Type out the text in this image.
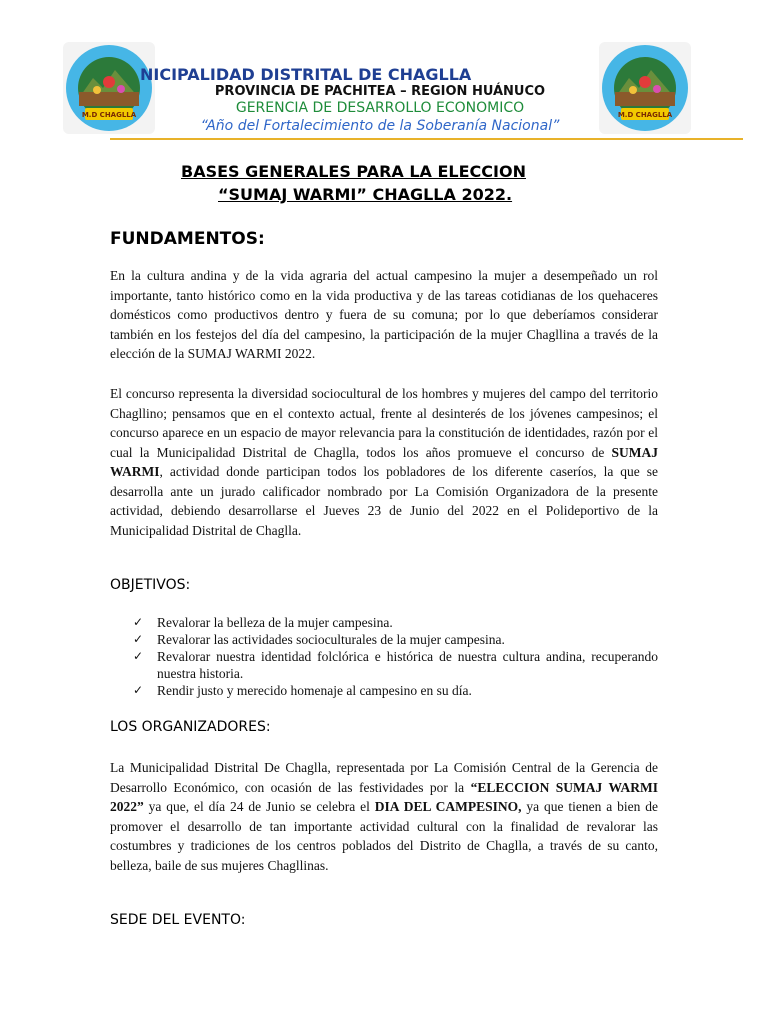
M.D CHAGLLA	M.D CHAGLLA
NICIPALIDAD DISTRITAL DE CHAGLLA
PROVINCIA DE PACHITEA – REGION HUÁNUCO
GERENCIA DE DESARROLLO ECONOMICO
“Año del Fortalecimiento de la Soberanía Nacional”
BASES GENERALES PARA LA ELECCION
“SUMAJ WARMI” CHAGLLA 2022.
FUNDAMENTOS:

En la cultura andina y de la vida agraria del actual campesino la mujer a desempeñado un rol importante, tanto histórico como en la vida productiva y de las tareas cotidianas de los quehaceres domésticos como productivos dentro y fuera de su comuna; por lo que deberíamos considerar también en los festejos del día del campesino, la participación de la mujer Chagllina a través de la elección de la SUMAJ WARMI 2022.

El concurso representa la diversidad sociocultural de los hombres y mujeres del campo del territorio Chagllino; pensamos que en el contexto actual, frente al desinterés de los jóvenes campesinos; el concurso aparece en un espacio de mayor relevancia para la constitución de identidades, razón por el cual la Municipalidad Distrital de Chaglla, todos los años promueve el concurso de SUMAJ WARMI, actividad donde participan todos los pobladores de los diferente caseríos, la que se desarrolla ante un jurado calificador nombrado por La Comisión Organizadora de la presente actividad, debiendo desarrollarse el Jueves 23 de Junio del 2022 en el Polideportivo de la Municipalidad Distrital de Chaglla.

OBJETIVOS:
✓ Revalorar la belleza de la mujer campesina.
✓ Revalorar las actividades socioculturales de la mujer campesina.
✓ Revalorar nuestra identidad folclórica e histórica de nuestra cultura andina, recuperando nuestra historia.
✓ Rendir justo y merecido homenaje al campesino en su día.
LOS ORGANIZADORES:

La Municipalidad Distrital De Chaglla, representada por La Comisión Central de la Gerencia de Desarrollo Económico, con ocasión de las festividades por la “ELECCION SUMAJ WARMI 2022” ya que, el día 24 de Junio se celebra el DIA DEL CAMPESINO, ya que tienen a bien de promover el desarrollo de tan importante actividad cultural con la finalidad de revalorar las costumbres y tradiciones de los centros poblados del Distrito de Chaglla, a través de su canto, belleza, baile de sus mujeres Chagllinas.

SEDE DEL EVENTO:
